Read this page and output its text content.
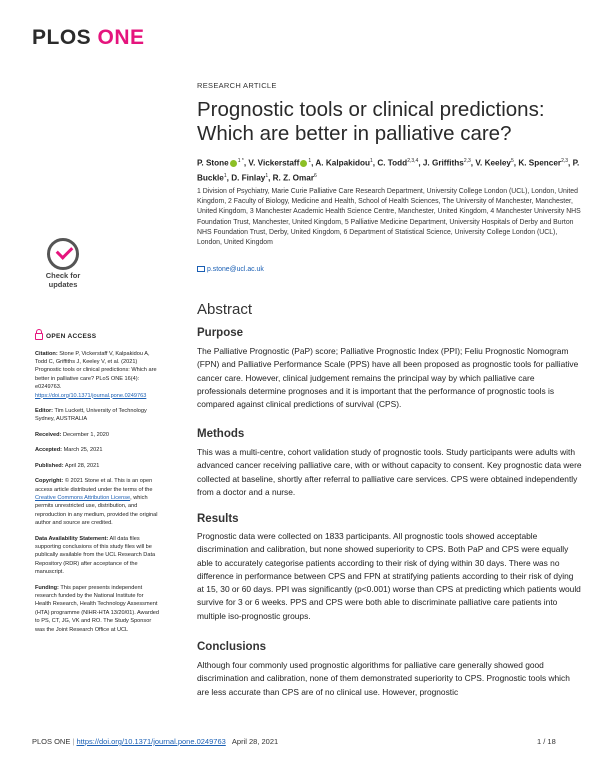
PLOS ONE
RESEARCH ARTICLE
Prognostic tools or clinical predictions: Which are better in palliative care?
P. Stone $^{1 *}$, V. Vickerstaff $^1$, A. Kalpakidou$^1$, C. Todd$^{2,3,4}$, J. Griffiths$^{2,3}$, V. Keeley$^5$, K. Spencer$^{2,3}$, P. Buckle$^1$, D. Finlay$^1$, R. Z. Omar$^6$
1 Division of Psychiatry, Marie Curie Palliative Care Research Department, University College London (UCL), London, United Kingdom, 2 Faculty of Biology, Medicine and Health, School of Health Sciences, The University of Manchester, Manchester, United Kingdom, 3 Manchester Academic Health Science Centre, Manchester, United Kingdom, 4 Manchester University NHS Foundation Trust, Manchester, United Kingdom, 5 Palliative Medicine Department, University Hospitals of Derby and Burton NHS Foundation Trust, Derby, United Kingdom, 6 Department of Statistical Science, University College London (UCL), London, United Kingdom
p.stone@ucl.ac.uk
Check for
updates

OPEN ACCESS

Citation: Stone P, Vickerstaff V, Kalpakidou A, Todd C, Griffiths J, Keeley V, et al. (2021) Prognostic tools or clinical predictions: Which are better in palliative care? PLoS ONE 16(4): e0249763. https://doi.org/10.1371/journal.pone.0249763

Editor: Tim Luckett, University of Technology Sydney, AUSTRALIA

Received: December 1, 2020

Accepted: March 25, 2021

Published: April 28, 2021

Copyright: © 2021 Stone et al. This is an open access article distributed under the terms of the Creative Commons Attribution License, which permits unrestricted use, distribution, and reproduction in any medium, provided the original author and source are credited.

Data Availability Statement: All data files supporting conclusions of this study files will be publically available from the UCL Research Data Repository (RDR) after acceptance of the manuscript.

Funding: This paper presents independent research funded by the National Institute for Health Research, Health Technology Assessment (HTA) programme (NIHR-HTA 13/20/01). Awarded to PS, CT, JG, VK and RO. The Study Sponsor was the Joint Research Office at UCL

Abstract
Purpose
The Palliative Prognostic (PaP) score; Palliative Prognostic Index (PPI); Feliu Prognostic Nomogram (FPN) and Palliative Performance Scale (PPS) have all been proposed as prognostic tools for palliative cancer care. However, clinical judgement remains the principal way by which palliative care professionals determine prognoses and it is important that the performance of prognostic tools is compared against clinical predictions of survival (CPS).
Methods
This was a multi-centre, cohort validation study of prognostic tools. Study participants were adults with advanced cancer receiving palliative care, with or without capacity to consent. Key prognostic data were collected at baseline, shortly after referral to palliative care services. CPS were obtained independently from a doctor and a nurse.
Results
Prognostic data were collected on 1833 participants. All prognostic tools showed acceptable discrimination and calibration, but none showed superiority to CPS. Both PaP and CPS were equally able to accurately categorise patients according to their risk of dying within 30 days. There was no difference in performance between CPS and FPN at stratifying patients according to their risk of dying at 15, 30 or 60 days. PPI was significantly (p<0.001) worse than CPS at predicting which patients would survive for 3 or 6 weeks. PPS and CPS were both able to discriminate palliative care patients into multiple iso-prognostic groups.
Conclusions
Although four commonly used prognostic algorithms for palliative care generally showed good discrimination and calibration, none of them demonstrated superiority to CPS. Prognostic tools which are less accurate than CPS are of no clinical use. However, prognostic
PLOS ONE | https://doi.org/10.1371/journal.pone.0249763 April 28, 2021	1 / 18
